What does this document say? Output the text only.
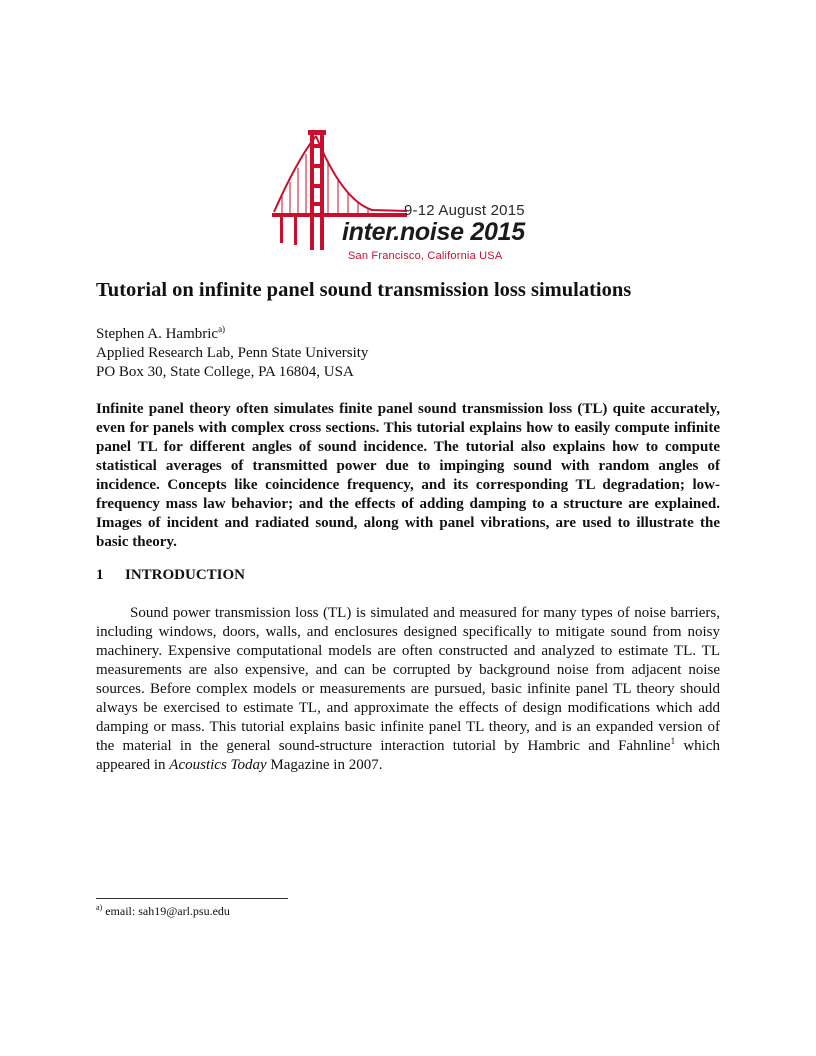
9-12 August 2015
inter.noise 2015
San Francisco, California USA
Tutorial on infinite panel sound transmission loss simulations
Stephen A. Hambric$^{a)}$
Applied Research Lab, Penn State University
PO Box 30, State College, PA 16804, USA
Infinite panel theory often simulates finite panel sound transmission loss (TL) quite accurately, even for panels with complex cross sections. This tutorial explains how to easily compute infinite panel TL for different angles of sound incidence. The tutorial also explains how to compute statistical averages of transmitted power due to impinging sound with random angles of incidence. Concepts like coincidence frequency, and its corresponding TL degradation; low-frequency mass law behavior; and the effects of adding damping to a structure are explained. Images of incident and radiated sound, along with panel vibrations, are used to illustrate the basic theory.
1 INTRODUCTION
Sound power transmission loss (TL) is simulated and measured for many types of noise barriers, including windows, doors, walls, and enclosures designed specifically to mitigate sound from noisy machinery. Expensive computational models are often constructed and analyzed to estimate TL. TL measurements are also expensive, and can be corrupted by background noise from adjacent noise sources. Before complex models or measurements are pursued, basic infinite panel TL theory should always be exercised to estimate TL, and approximate the effects of design modifications which add damping or mass. This tutorial explains basic infinite panel TL theory, and is an expanded version of the material in the general sound-structure interaction tutorial by Hambric and Fahnline$^1$ which appeared in Acoustics Today Magazine in 2007.
$^{a)}$ email: sah19@arl.psu.edu
